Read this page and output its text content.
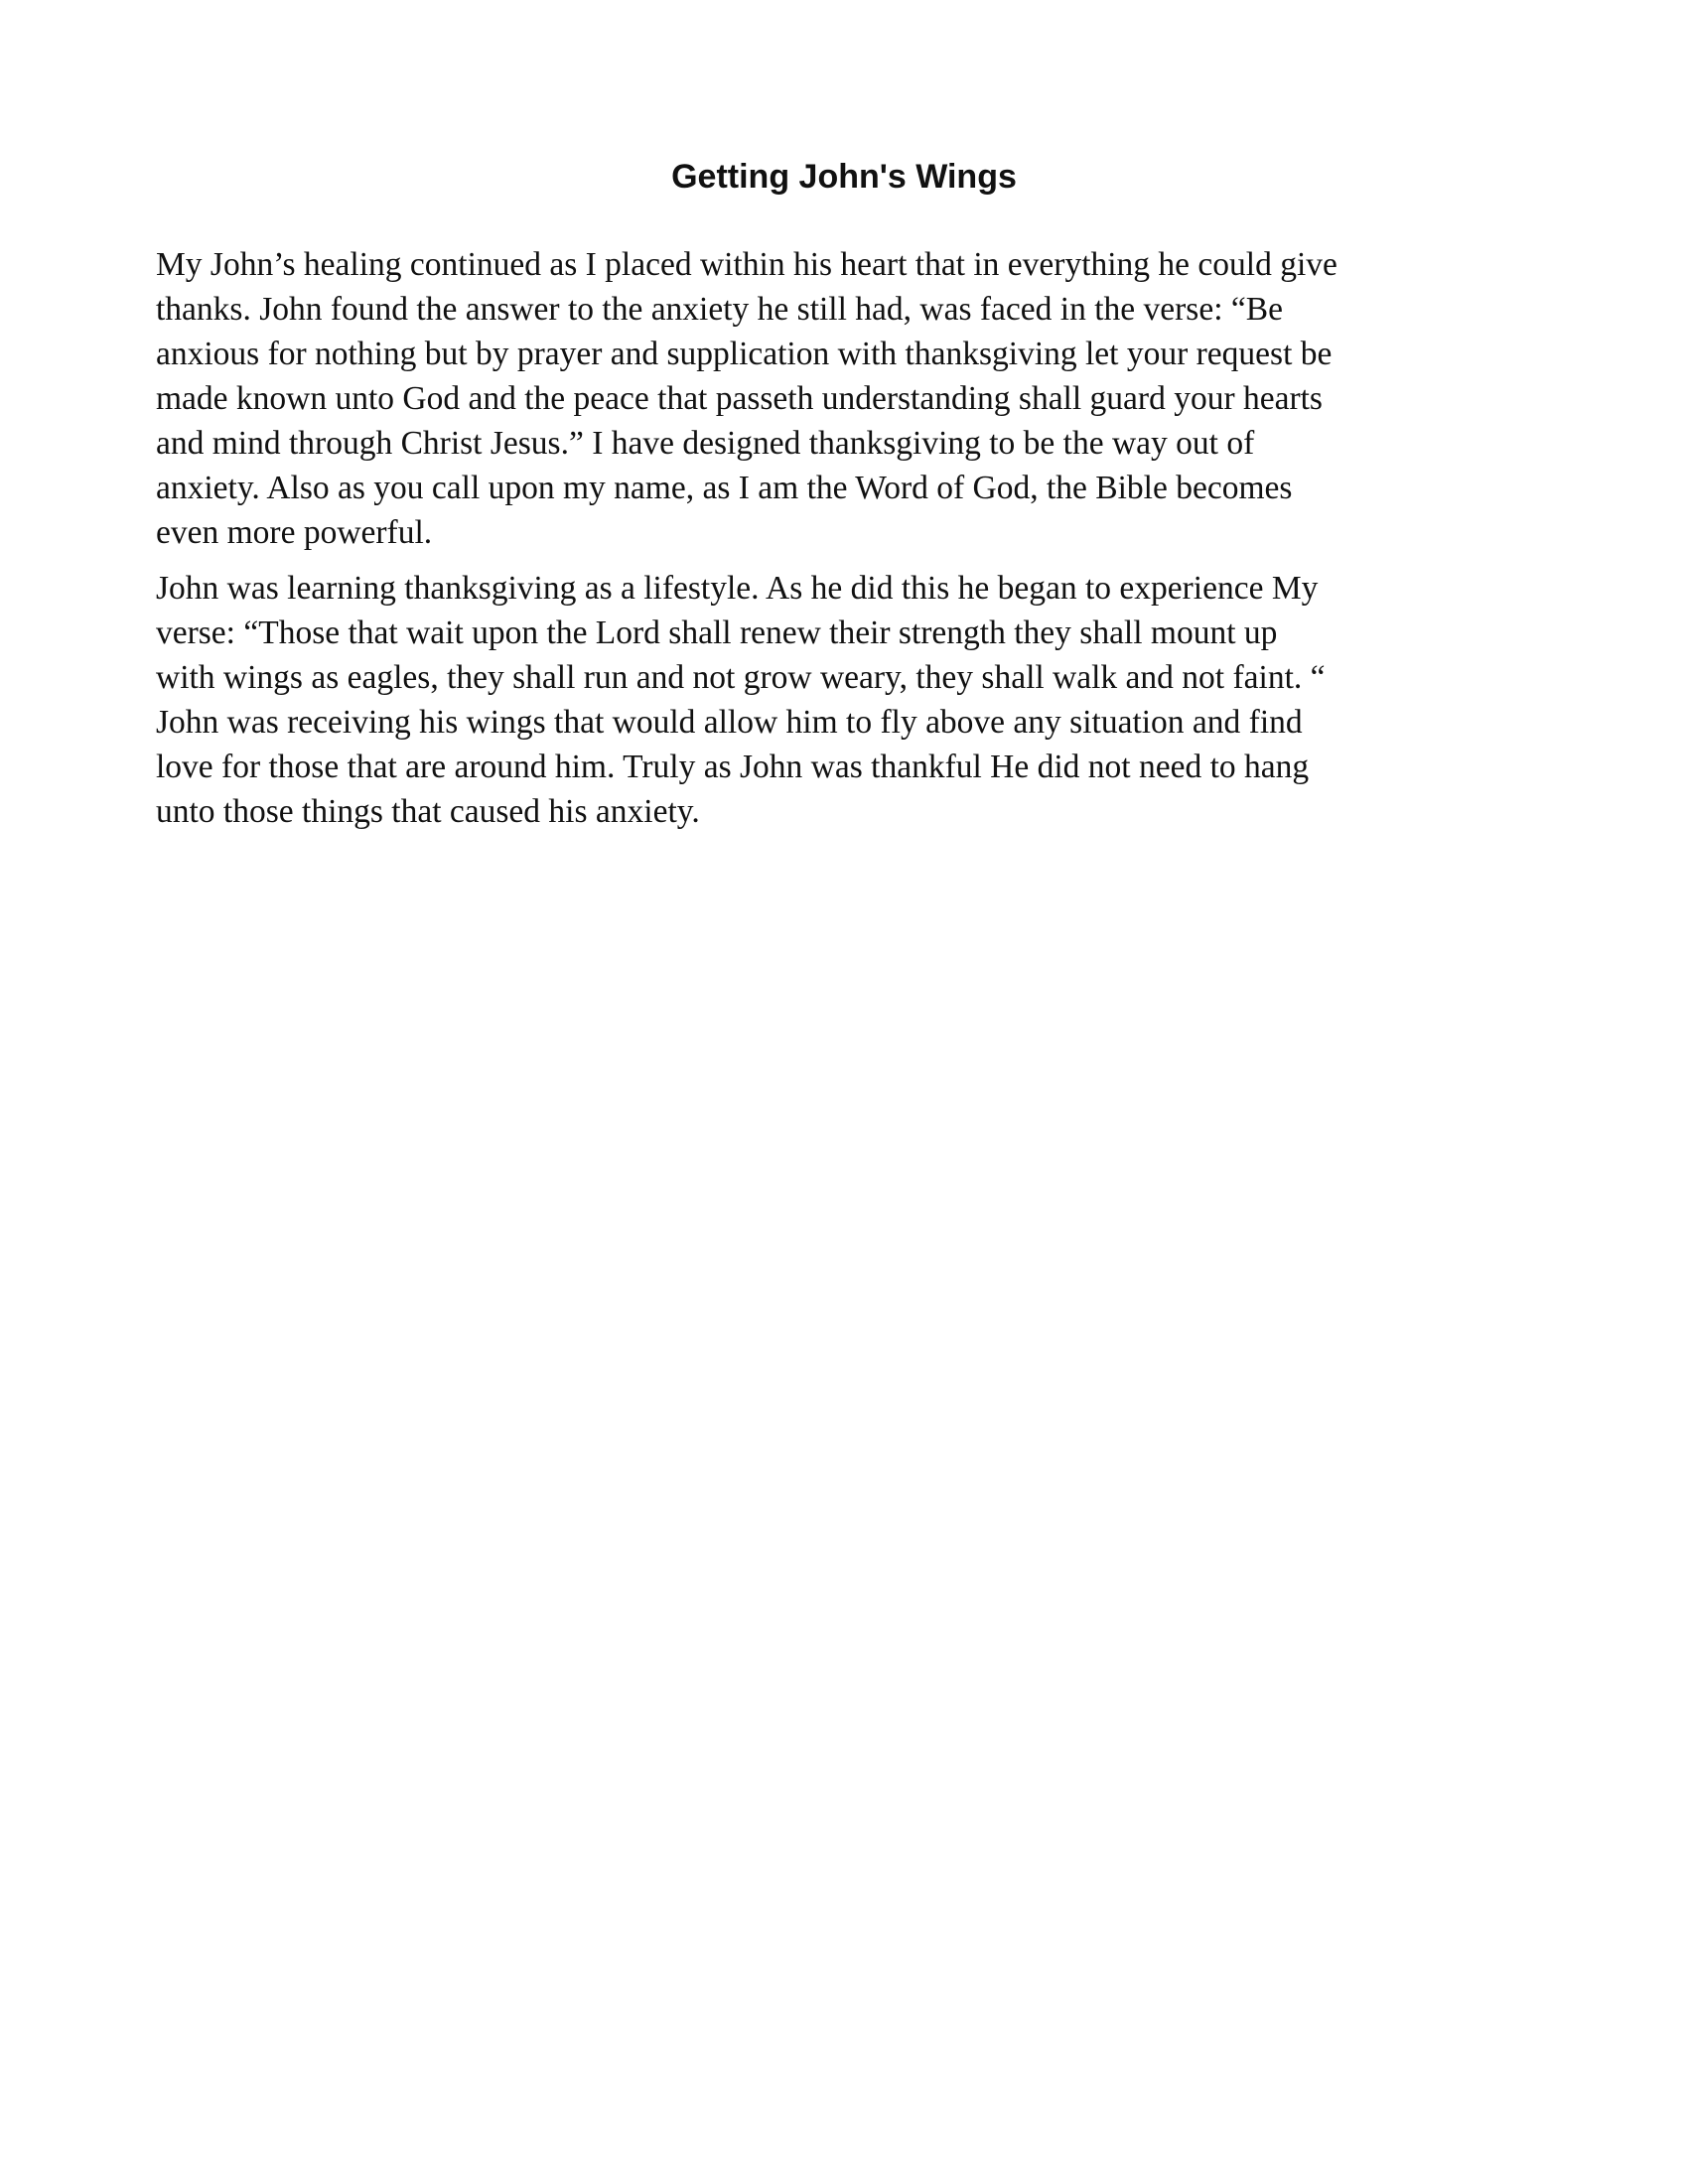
Getting John's Wings
My John’s healing continued as I placed within his heart that in everything he could give
thanks. John found the answer to the anxiety he still had, was faced in the verse: “Be
anxious for nothing but by prayer and supplication with thanksgiving let your request be
made known unto God and the peace that passeth understanding shall guard your hearts
and mind through Christ Jesus.” I have designed thanksgiving to be the way out of
anxiety. Also as you call upon my name, as I am the Word of God, the Bible becomes
even more powerful.
John was learning thanksgiving as a lifestyle. As he did this he began to experience My
verse: “Those that wait upon the Lord shall renew their strength they shall mount up
with wings as eagles, they shall run and not grow weary, they shall walk and not faint. “
John was receiving his wings that would allow him to fly above any situation and find
love for those that are around him. Truly as John was thankful He did not need to hang
unto those things that caused his anxiety.
